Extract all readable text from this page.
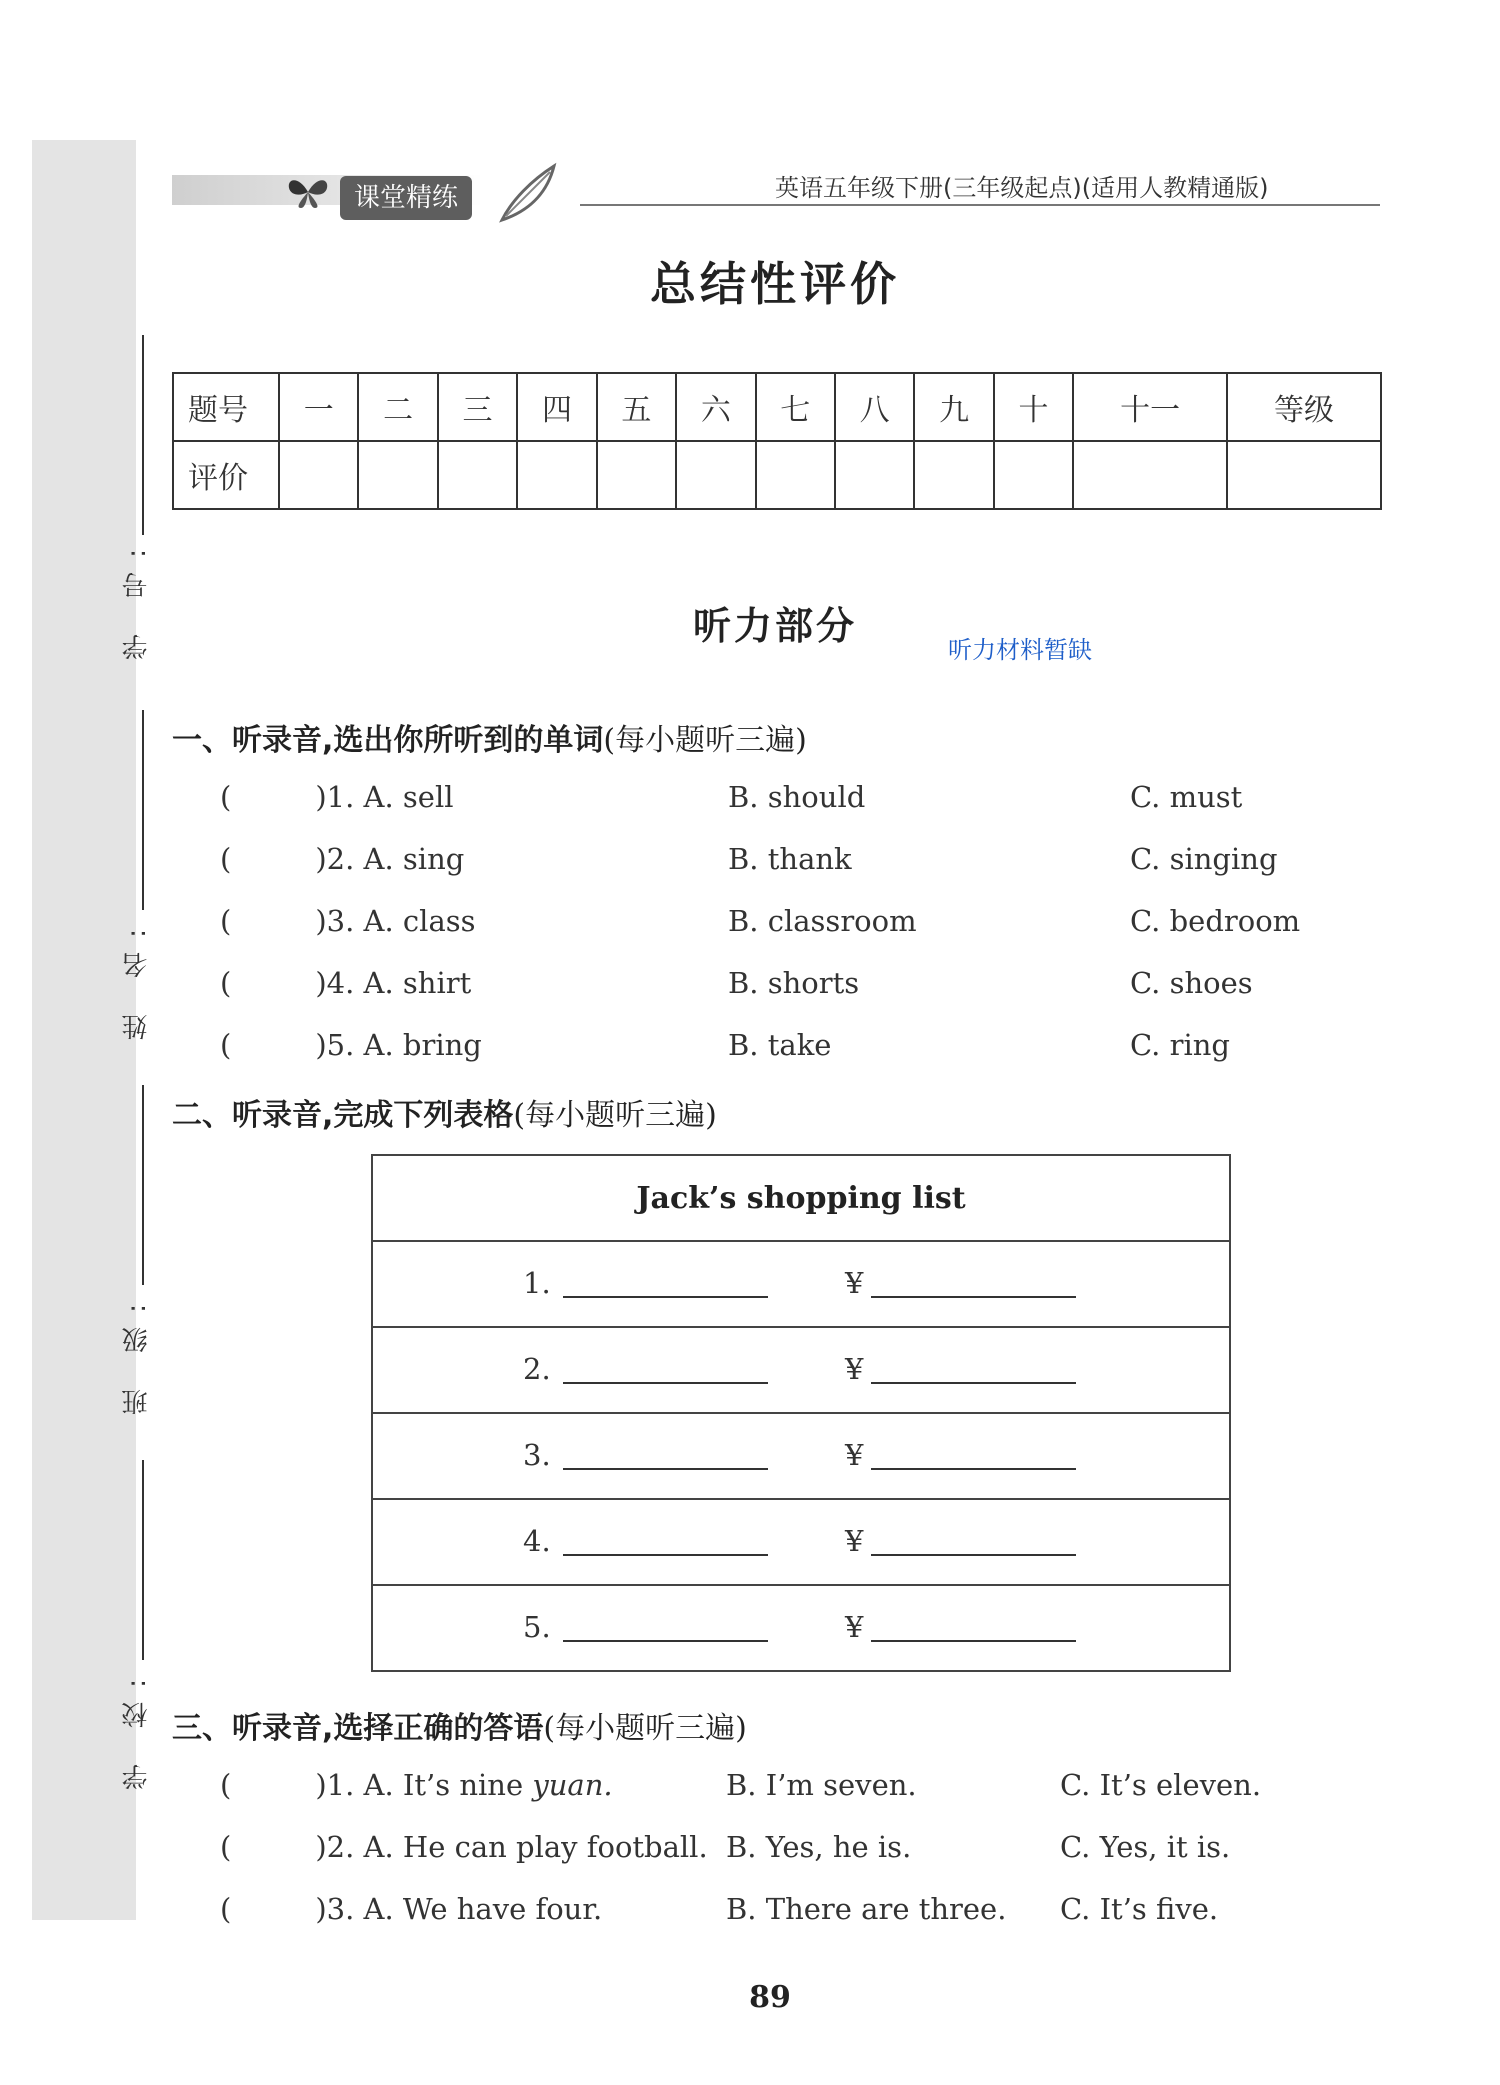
学 号:
姓 名:
班 级:
学 校:
课堂精练	英语五年级下册(三年级起点)(适用人教精通版)
总结性评价
题号	一	二	三	四	五	六	七	八	九	十	十一	等级
评价												
听力部分
听力材料暂缺
一、听录音,选出你所听到的单词(每小题听三遍)
(	)1. A. sell	B. should	C. must
(	)2. A. sing	B. thank	C. singing
(	)3. A. class	B. classroom	C. bedroom
(	)4. A. shirt	B. shorts	C. shoes
(	)5. A. bring	B. take	C. ring
二、听录音,完成下列表格(每小题听三遍)
Jack’s shopping list

1.	¥

2.	¥

3.	¥

4.	¥

5.	¥
三、听录音,选择正确的答语(每小题听三遍)
(	)1. A. It’s nine yuan.	B. I’m seven.	C. It’s eleven.
(	)2. A. He can play football. B. Yes, he is.	C. Yes, it is.
(	)3. A. We have four.	B. There are three. C. It’s five.
89
